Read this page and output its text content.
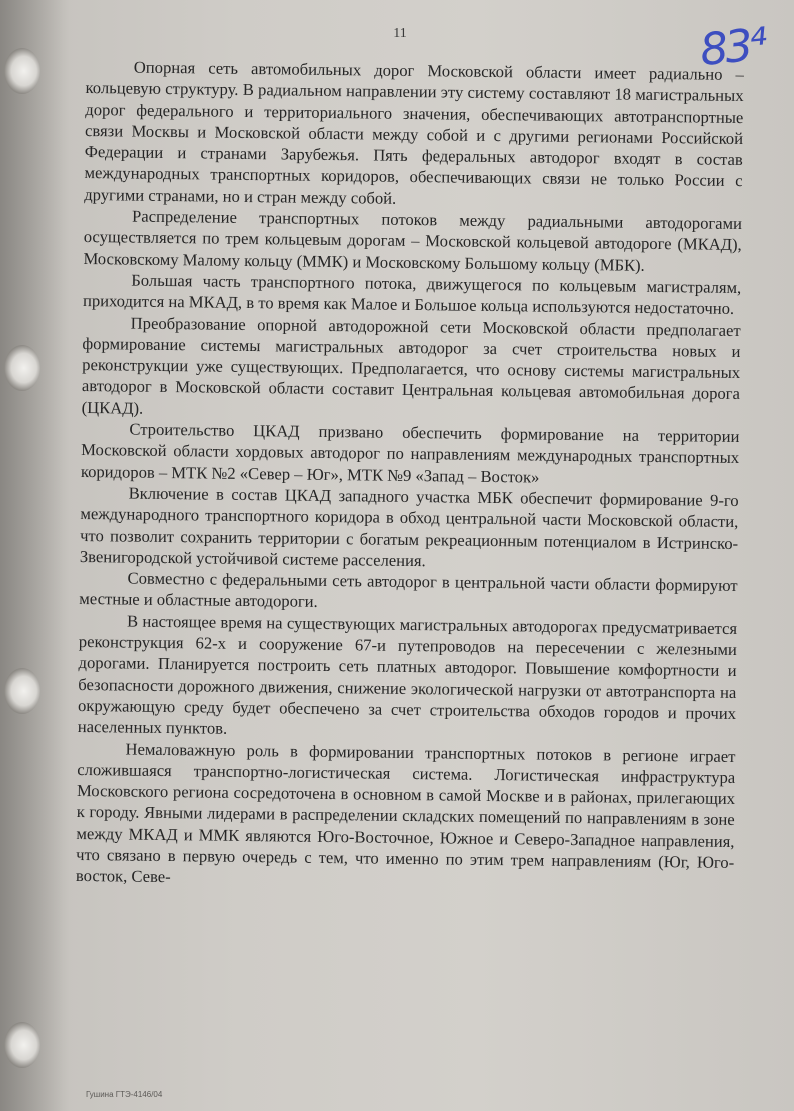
11	83⁴

Опорная сеть автомобильных дорог Московской области имеет радиально – кольцевую структуру. В радиальном направлении эту систему составляют 18 магистральных дорог федерального и территориального значения, обеспечивающих автотранспортные связи Москвы и Московской области между собой и с другими регионами Российской Федерации и странами Зарубежья. Пять федеральных автодорог входят в состав международных транспортных коридоров, обеспечивающих связи не только России с другими странами, но и стран между собой.

Распределение транспортных потоков между радиальными автодорогами осуществляется по трем кольцевым дорогам – Московской кольцевой автодороге (МКАД), Московскому Малому кольцу (ММК) и Московскому Большому кольцу (МБК).

Большая часть транспортного потока, движущегося по кольцевым магистралям, приходится на МКАД, в то время как Малое и Большое кольца используются недостаточно.

Преобразование опорной автодорожной сети Московской области предполагает формирование системы магистральных автодорог за счет строительства новых и реконструкции уже существующих. Предполагается, что основу системы магистральных автодорог в Московской области составит Центральная кольцевая автомобильная дорога (ЦКАД).

Строительство ЦКАД призвано обеспечить формирование на территории Московской области хордовых автодорог по направлениям международных транспортных коридоров – МТК №2 «Север – Юг», МТК №9 «Запад – Восток»

Включение в состав ЦКАД западного участка МБК обеспечит формирование 9-го международного транспортного коридора в обход центральной части Московской области, что позволит сохранить территории с богатым рекреационным потенциалом в Истринско-Звенигородской устойчивой системе расселения.

Совместно с федеральными сеть автодорог в центральной части области формируют местные и областные автодороги.

В настоящее время на существующих магистральных автодорогах предусматривается реконструкция 62-х и сооружение 67-и путепроводов на пересечении с железными дорогами. Планируется построить сеть платных автодорог. Повышение комфортности и безопасности дорожного движения, снижение экологической нагрузки от автотранспорта на окружающую среду будет обеспечено за счет строительства обходов городов и прочих населенных пунктов.

Немаловажную роль в формировании транспортных потоков в регионе играет сложившаяся транспортно-логистическая система. Логистическая инфраструктура Московского региона сосредоточена в основном в самой Москве и в районах, прилегающих к городу. Явными лидерами в распределении складских помещений по направлениям в зоне между МКАД и ММК являются Юго-Восточное, Южное и Северо-Западное направления, что связано в первую очередь с тем, что именно по этим трем направлениям (Юг, Юго-восток, Севе-

Гушина ГТЭ-4146/04
